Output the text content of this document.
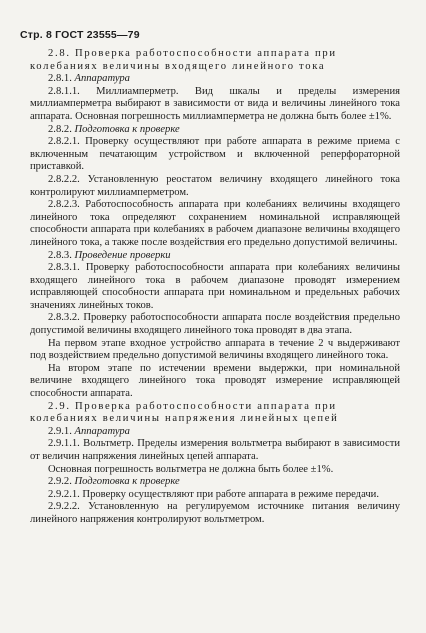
Стр. 8 ГОСТ 23555—79

2.8. Проверка работоспособности аппарата при колебаниях величины входящего линейного тока

2.8.1. Аппаратура

2.8.1.1. Миллиамперметр. Вид шкалы и пределы измерения миллиамперметра выбирают в зависимости от вида и величины линейного тока аппарата. Основная погрешность миллиамперметра не должна быть более ±1%.

2.8.2. Подготовка к проверке

2.8.2.1. Проверку осуществляют при работе аппарата в режиме приема с включенным печатающим устройством и включенной реперфораторной приставкой.

2.8.2.2. Установленную реостатом величину входящего линейного тока контролируют миллиамперметром.

2.8.2.3. Работоспособность аппарата при колебаниях величины входящего линейного тока определяют сохранением номинальной исправляющей способности аппарата при колебаниях в рабочем диапазоне величины входящего линейного тока, а также после воздействия его предельно допустимой величины.

2.8.3. Проведение проверки

2.8.3.1. Проверку работоспособности аппарата при колебаниях величины входящего линейного тока в рабочем диапазоне проводят измерением исправляющей способности аппарата при номинальном и предельных рабочих значениях линейных токов.

2.8.3.2. Проверку работоспособности аппарата после воздействия предельно допустимой величины входящего линейного тока проводят в два этапа.

На первом этапе входное устройство аппарата в течение 2 ч выдерживают под воздействием предельно допустимой величины входящего линейного тока.

На втором этапе по истечении времени выдержки, при номинальной величине входящего линейного тока проводят измерение исправляющей способности аппарата.

2.9. Проверка работоспособности аппарата при колебаниях величины напряжения линейных цепей

2.9.1. Аппаратура

2.9.1.1. Вольтметр. Пределы измерения вольтметра выбирают в зависимости от величин напряжения линейных цепей аппарата.

Основная погрешность вольтметра не должна быть более ±1%.

2.9.2. Подготовка к проверке

2.9.2.1. Проверку осуществляют при работе аппарата в режиме передачи.

2.9.2.2. Установленную на регулируемом источнике питания величину линейного напряжения контролируют вольтметром.
